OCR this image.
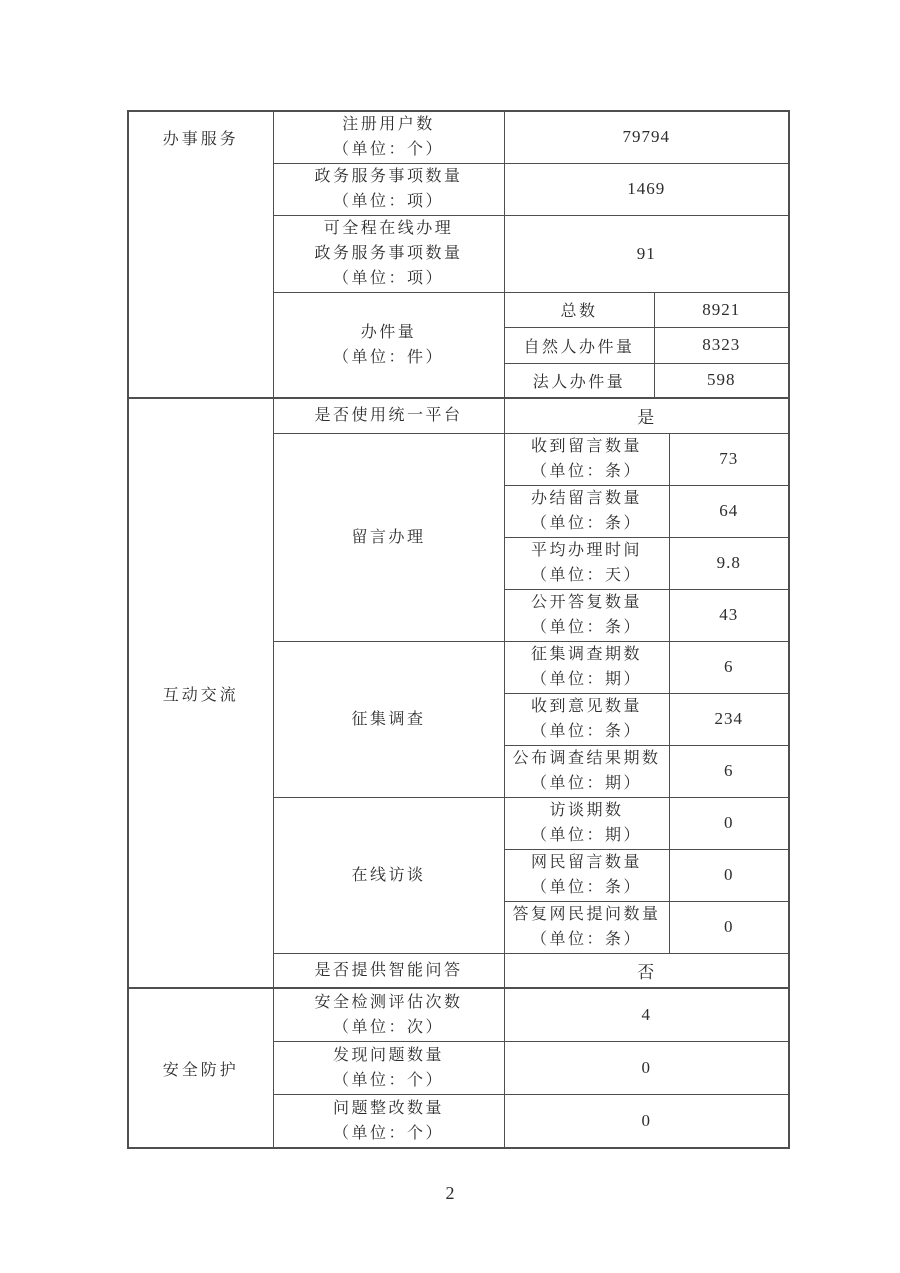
办事服务	注册用户数
（单位：个）	79794		

	政务服务事项数量
（单位：项）	1469		

	可全程在线办理
政务服务事项数量
（单位：项）	91		

	办件量
（单位：件）	总数	8921	
		自然人办件量	8323	
		法人办件量	598	
互动交流	是否使用统一平台	是		

	留言办理	收到留言数量
（单位：条）		73

		办结留言数量
（单位：条）		64

		平均办理时间
（单位：天）		9.8

		公开答复数量
（单位：条）		43

	征集调查	征集调查期数
（单位：期）		6

		收到意见数量
（单位：条）		234

		公布调查结果期数
（单位：期）		6

	在线访谈	访谈期数
（单位：期）		0

		网民留言数量
（单位：条）		0

		答复网民提问数量
（单位：条）		0

	是否提供智能问答	否		
安全防护	安全检测评估次数
（单位：次）	4		

	发现问题数量
（单位：个）	0		

	问题整改数量
（单位：个）	0		
2
